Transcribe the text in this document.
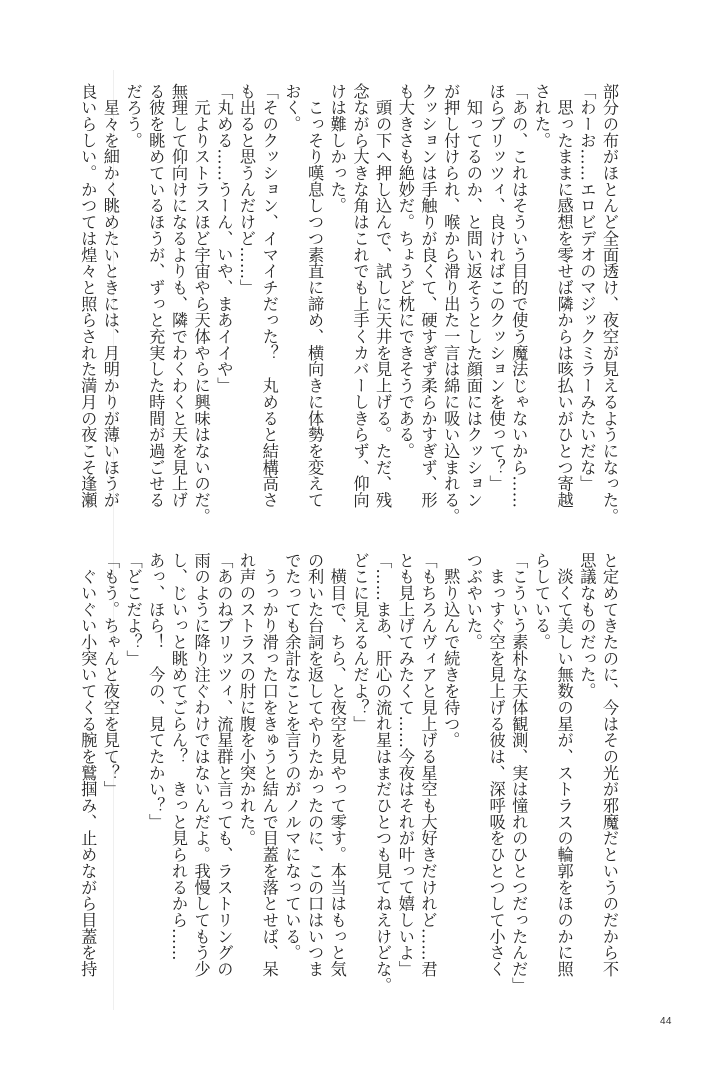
部分の布がほとんど全面透け、夜空が見えるようになった。
「わーお……エロビデオのマジックミラーみたいだな」
　思ったままに感想を零せば隣からは咳払いがひとつ寄越
された。
「あの、これはそういう目的で使う魔法じゃないから……
ほらブリッツィ、良ければこのクッションを使って？」
　知ってるのか、と問い返そうとした顔面にはクッション
が押し付けられ、喉から滑り出た一言は綿に吸い込まれる。
クッションは手触りが良くて、硬すぎず柔らかすぎず、形
も大きさも絶妙だ。ちょうど枕にできそうである。
　頭の下へ押し込んで、試しに天井を見上げる。ただ、残
念ながら大きな角はこれでも上手くカバーしきらず、仰向
けは難しかった。
　こっそり嘆息しつつ素直に諦め、横向きに体勢を変えて
おく。
「そのクッション、イマイチだった？　丸めると結構高さ
も出ると思うんだけど……」
「丸める……うーん、いや、まあイイや」
　元よりストラスほど宇宙やら天体やらに興味はないのだ。
無理して仰向けになるよりも、隣でわくわくと天を見上げ
る彼を眺めているほうが、ずっと充実した時間が過ごせる
だろう。
　星々を細かく眺めたいときには、月明かりが薄いほうが
良いらしい。かつては煌々と照らされた満月の夜こそ逢瀬
と定めてきたのに、今はその光が邪魔だというのだから不
思議なものだった。
　淡くて美しい無数の星が、ストラスの輪郭をほのかに照
らしている。
「こういう素朴な天体観測、実は憧れのひとつだったんだ」
　まっすぐ空を見上げる彼は、深呼吸をひとつして小さく
つぶやいた。
　黙り込んで続きを待つ。
「もちろんヴィアと見上げる星空も大好きだけれど……君
とも見上げてみたくて……今夜はそれが叶って嬉しいよ」
「……まあ、肝心の流れ星はまだひとつも見てねえけどな。
どこに見えるんだよ？」
　横目で、ちら、と夜空を見やって零す。本当はもっと気
の利いた台詞を返してやりたかったのに、この口はいつま
でたっても余計なことを言うのがノルマになっている。
　うっかり滑った口をきゅうと結んで目蓋を落とせば、呆
れ声のストラスの肘に腹を小突かれた。
「あのねブリッツィ、流星群と言っても、ラストリングの
雨のように降り注ぐわけではないんだよ。我慢してもう少
し、じいっと眺めてごらん？　きっと見られるから……
あっ、ほら！　今の、見てたかい？」
「どこだよ？」
「もう。ちゃんと夜空を見て？」
　ぐいぐい小突いてくる腕を鷲掴み、止めながら目蓋を持
44
